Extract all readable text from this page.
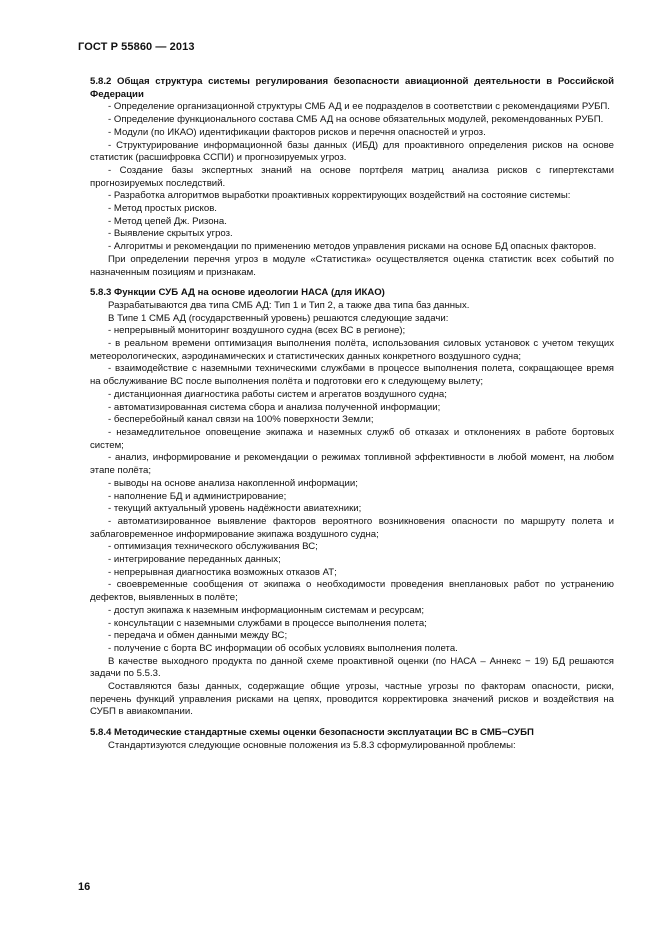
ГОСТ Р 55860 — 2013

5.8.2 Общая структура системы регулирования безопасности авиационной деятельности в Российской Федерации

- Определение организационной структуры СМБ АД и ее подразделов в соответствии с рекомендациями РУБП.

- Определение функционального состава СМБ АД на основе обязательных модулей, рекомендованных РУБП.

- Модули (по ИКАО) идентификации факторов рисков и перечня опасностей и угроз.

- Структурирование информационной базы данных (ИБД) для проактивного определения рисков на основе статистик (расшифровка ССПИ) и прогнозируемых угроз.

- Создание базы экспертных знаний на основе портфеля матриц анализа рисков с гипертекстами прогнозируемых последствий.

- Разработка алгоритмов выработки проактивных корректирующих воздействий на состояние системы:

- Метод простых рисков.

- Метод цепей Дж. Ризона.

- Выявление скрытых угроз.

- Алгоритмы и рекомендации по применению методов управления рисками на основе БД опасных факторов.

При определении перечня угроз в модуле «Статистика» осуществляется оценка статистик всех событий по назначенным позициям и признакам.

5.8.3 Функции СУБ АД на основе идеологии НАСА (для ИКАО)

Разрабатываются два типа СМБ АД: Тип 1 и Тип 2, а также два типа баз данных.

В Типе 1 СМБ АД (государственный уровень) решаются следующие задачи:

- непрерывный мониторинг воздушного судна (всех ВС в регионе);

- в реальном времени оптимизация выполнения полёта, использования силовых установок с учетом текущих метеорологических, аэродинамических и статистических данных конкретного воздушного судна;

- взаимодействие с наземными техническими службами в процессе выполнения полета, сокращающее время на обслуживание ВС после выполнения полёта и подготовки его к следующему вылету;

- дистанционная диагностика работы систем и агрегатов воздушного судна;

- автоматизированная система сбора и анализа полученной информации;

- бесперебойный канал связи на 100% поверхности Земли;

- незамедлительное оповещение экипажа и наземных служб об отказах и отклонениях в работе бортовых систем;

- анализ, информирование и рекомендации о режимах топливной эффективности в любой момент, на любом этапе полёта;

- выводы на основе анализа накопленной информации;

- наполнение БД и администрирование;

- текущий актуальный уровень надёжности авиатехники;

- автоматизированное выявление факторов вероятного возникновения опасности по маршруту полета и заблаговременное информирование экипажа воздушного судна;

- оптимизация технического обслуживания ВС;

- интегрирование переданных данных;

- непрерывная диагностика возможных отказов АТ;

- своевременные сообщения от экипажа о необходимости проведения внеплановых работ по устранению дефектов, выявленных в полёте;

- доступ экипажа к наземным информационным системам и ресурсам;

- консультации с наземными службами в процессе выполнения полета;

- передача и обмен данными между ВС;

- получение с борта ВС информации об особых условиях выполнения полета.

В качестве выходного продукта по данной схеме проактивной оценки (по НАСА – Аннекс − 19) БД решаются задачи по 5.5.3.

Составляются базы данных, содержащие общие угрозы, частные угрозы по факторам опасности, риски, перечень функций управления рисками на цепях, проводится корректировка значений рисков и воздействия на СУБП в авиакомпании.

5.8.4 Методические стандартные схемы оценки безопасности эксплуатации ВС в СМБ−СУБП

Стандартизуются следующие основные положения из 5.8.3 сформулированной проблемы:

16
